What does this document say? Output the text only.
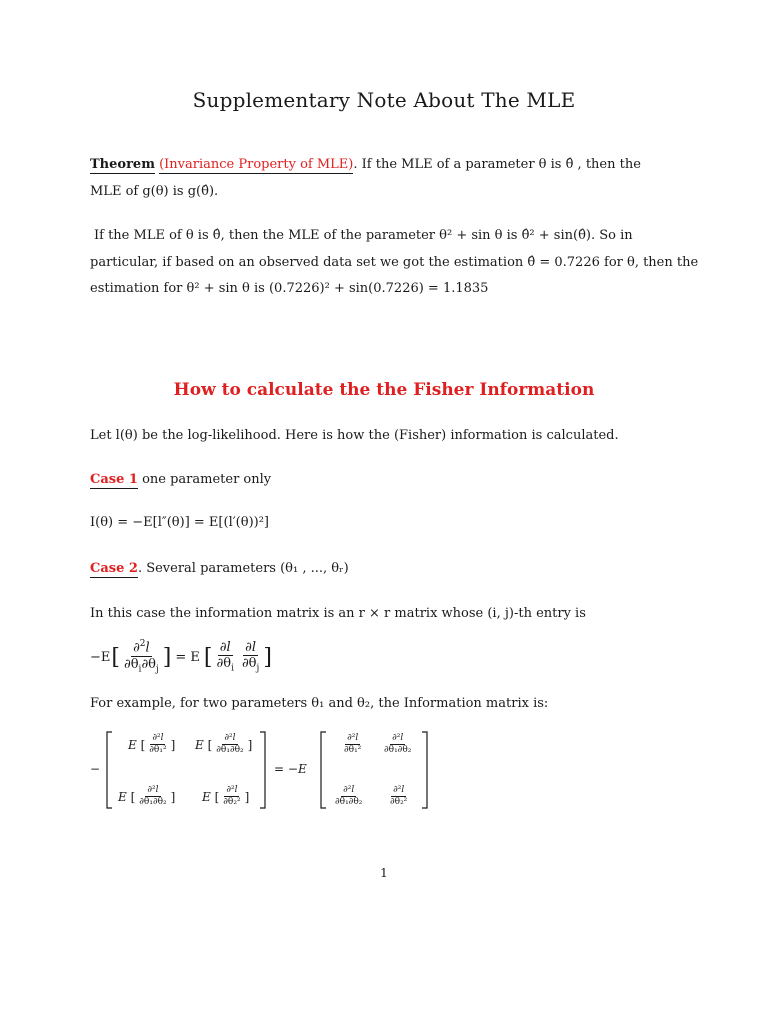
Supplementary Note About The MLE
Theorem (Invariance Property of MLE). If the MLE of a parameter θ is θ̂ , then the
MLE of g(θ) is g(θ̂).
If the MLE of θ is θ̂, then the MLE of the parameter θ² + sin θ is θ̂² + sin(θ̂). So in
particular, if based on an observed data set we got the estimation θ̂ = 0.7226 for θ, then the
estimation for θ² + sin θ is (0.7226)² + sin(0.7226) = 1.1835
How to calculate the the Fisher Information
Let l(θ) be the log-likelihood. Here is how the (Fisher) information is calculated.
Case 1 one parameter only
I(θ) = −E[l″(θ)] = E[(l′(θ))²]
Case 2. Several parameters (θ₁ , ..., θᵣ)
In this case the information matrix is an r × r matrix whose (i, j)-th entry is
−E [ $\frac{\partial^2l}{\partial\theta_i\partial\theta_j}$ ] = E [ $\frac{\partial l}{\partial\theta_i} \frac{\partial l}{\partial\theta_j}$ ]
For example, for two parameters θ₁ and θ₂, the Information matrix is:
−	= −E
E [ $\frac{\text{∂²l}}{\text{∂θ₁²}}$ ] E [ $\frac{\text{∂²l}}{\text{∂θ₁∂θ₂}}$ ]
E [ $\frac{\text{∂²l}}{\text{∂θ₁∂θ₂}}$ ] E [ $\frac{\text{∂²l}}{\text{∂θ₂²}}$ ]
$\frac{\text{∂²l}}{\text{∂θ₁²}} \frac{\text{∂²l}}{\text{∂θ₁∂θ₂}}$
$\frac{\text{∂²l}}{\text{∂θ₁∂θ₂}}$	$\frac{\text{∂²l}}{\text{∂θ₂²}}$
1
